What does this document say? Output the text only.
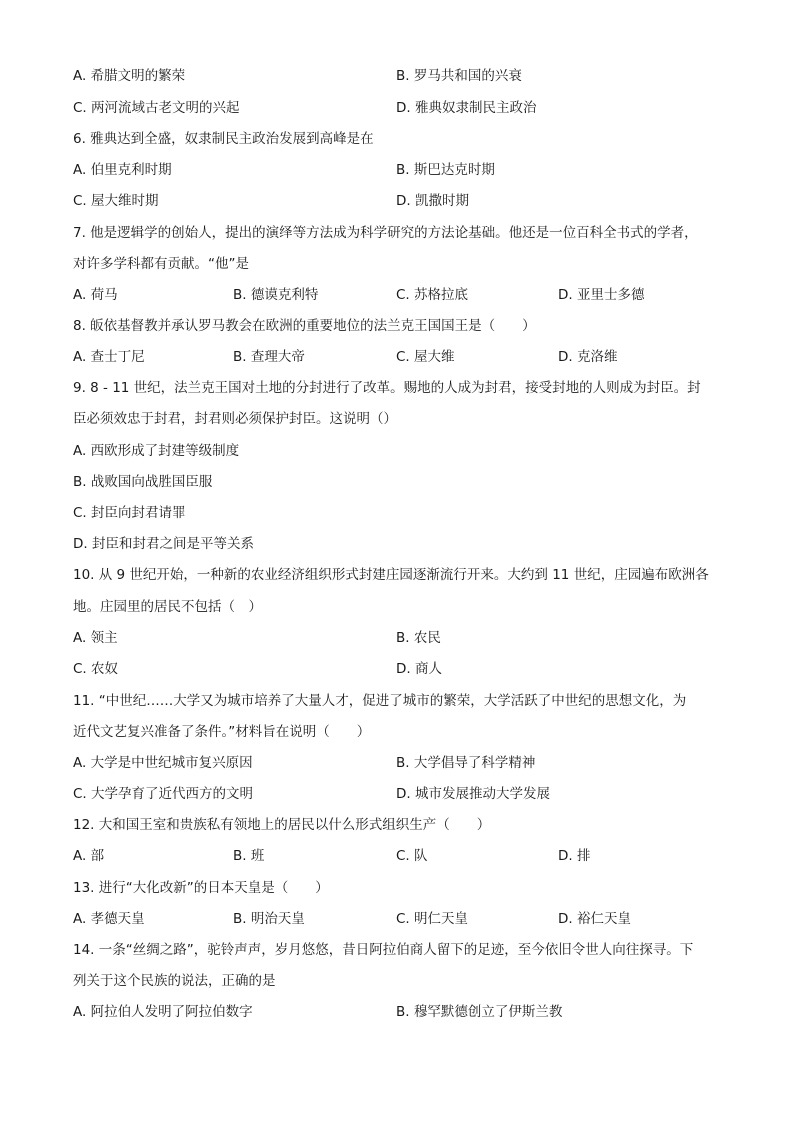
A. 希腊文明的繁荣	B. 罗马共和国的兴衰
C. 两河流域古老文明的兴起	D. 雅典奴隶制民主政治
6. 雅典达到全盛，奴隶制民主政治发展到高峰是在
A. 伯里克利时期	B. 斯巴达克时期
C. 屋大维时期	D. 凯撒时期
7. 他是逻辑学的创始人，提出的演绎等方法成为科学研究的方法论基础。他还是一位百科全书式的学者，
对许多学科都有贡献。“他”是
A. 荷马	B. 德谟克利特	C. 苏格拉底	D. 亚里士多德
8. 皈依基督教并承认罗马教会在欧洲的重要地位的法兰克王国国王是（　　）
A. 查士丁尼	B. 查理大帝	C. 屋大维	D. 克洛维
9. 8 - 11 世纪，法兰克王国对土地的分封进行了改革。赐地的人成为封君，接受封地的人则成为封臣。封
臣必须效忠于封君，封君则必须保护封臣。这说明（）
A. 西欧形成了封建等级制度
B. 战败国向战胜国臣服
C. 封臣向封君请罪
D. 封臣和封君之间是平等关系
10. 从 9 世纪开始，一种新的农业经济组织形式封建庄园逐渐流行开来。大约到 11 世纪，庄园遍布欧洲各
地。庄园里的居民不包括（　）
A. 领主	B. 农民
C. 农奴	D. 商人
11. “中世纪……大学又为城市培养了大量人才，促进了城市的繁荣，大学活跃了中世纪的思想文化，为
近代文艺复兴准备了条件。”材料旨在说明（　　）
A. 大学是中世纪城市复兴原因	B. 大学倡导了科学精神
C. 大学孕育了近代西方的文明	D. 城市发展推动大学发展
12. 大和国王室和贵族私有领地上的居民以什么形式组织生产（　　）
A. 部	B. 班	C. 队	D. 排
13. 进行“大化改新”的日本天皇是（　　）
A. 孝德天皇	B. 明治天皇	C. 明仁天皇	D. 裕仁天皇
14. 一条“丝绸之路”，驼铃声声，岁月悠悠，昔日阿拉伯商人留下的足迹，至今依旧令世人向往探寻。下
列关于这个民族的说法，正确的是
A. 阿拉伯人发明了阿拉伯数字	B. 穆罕默德创立了伊斯兰教
